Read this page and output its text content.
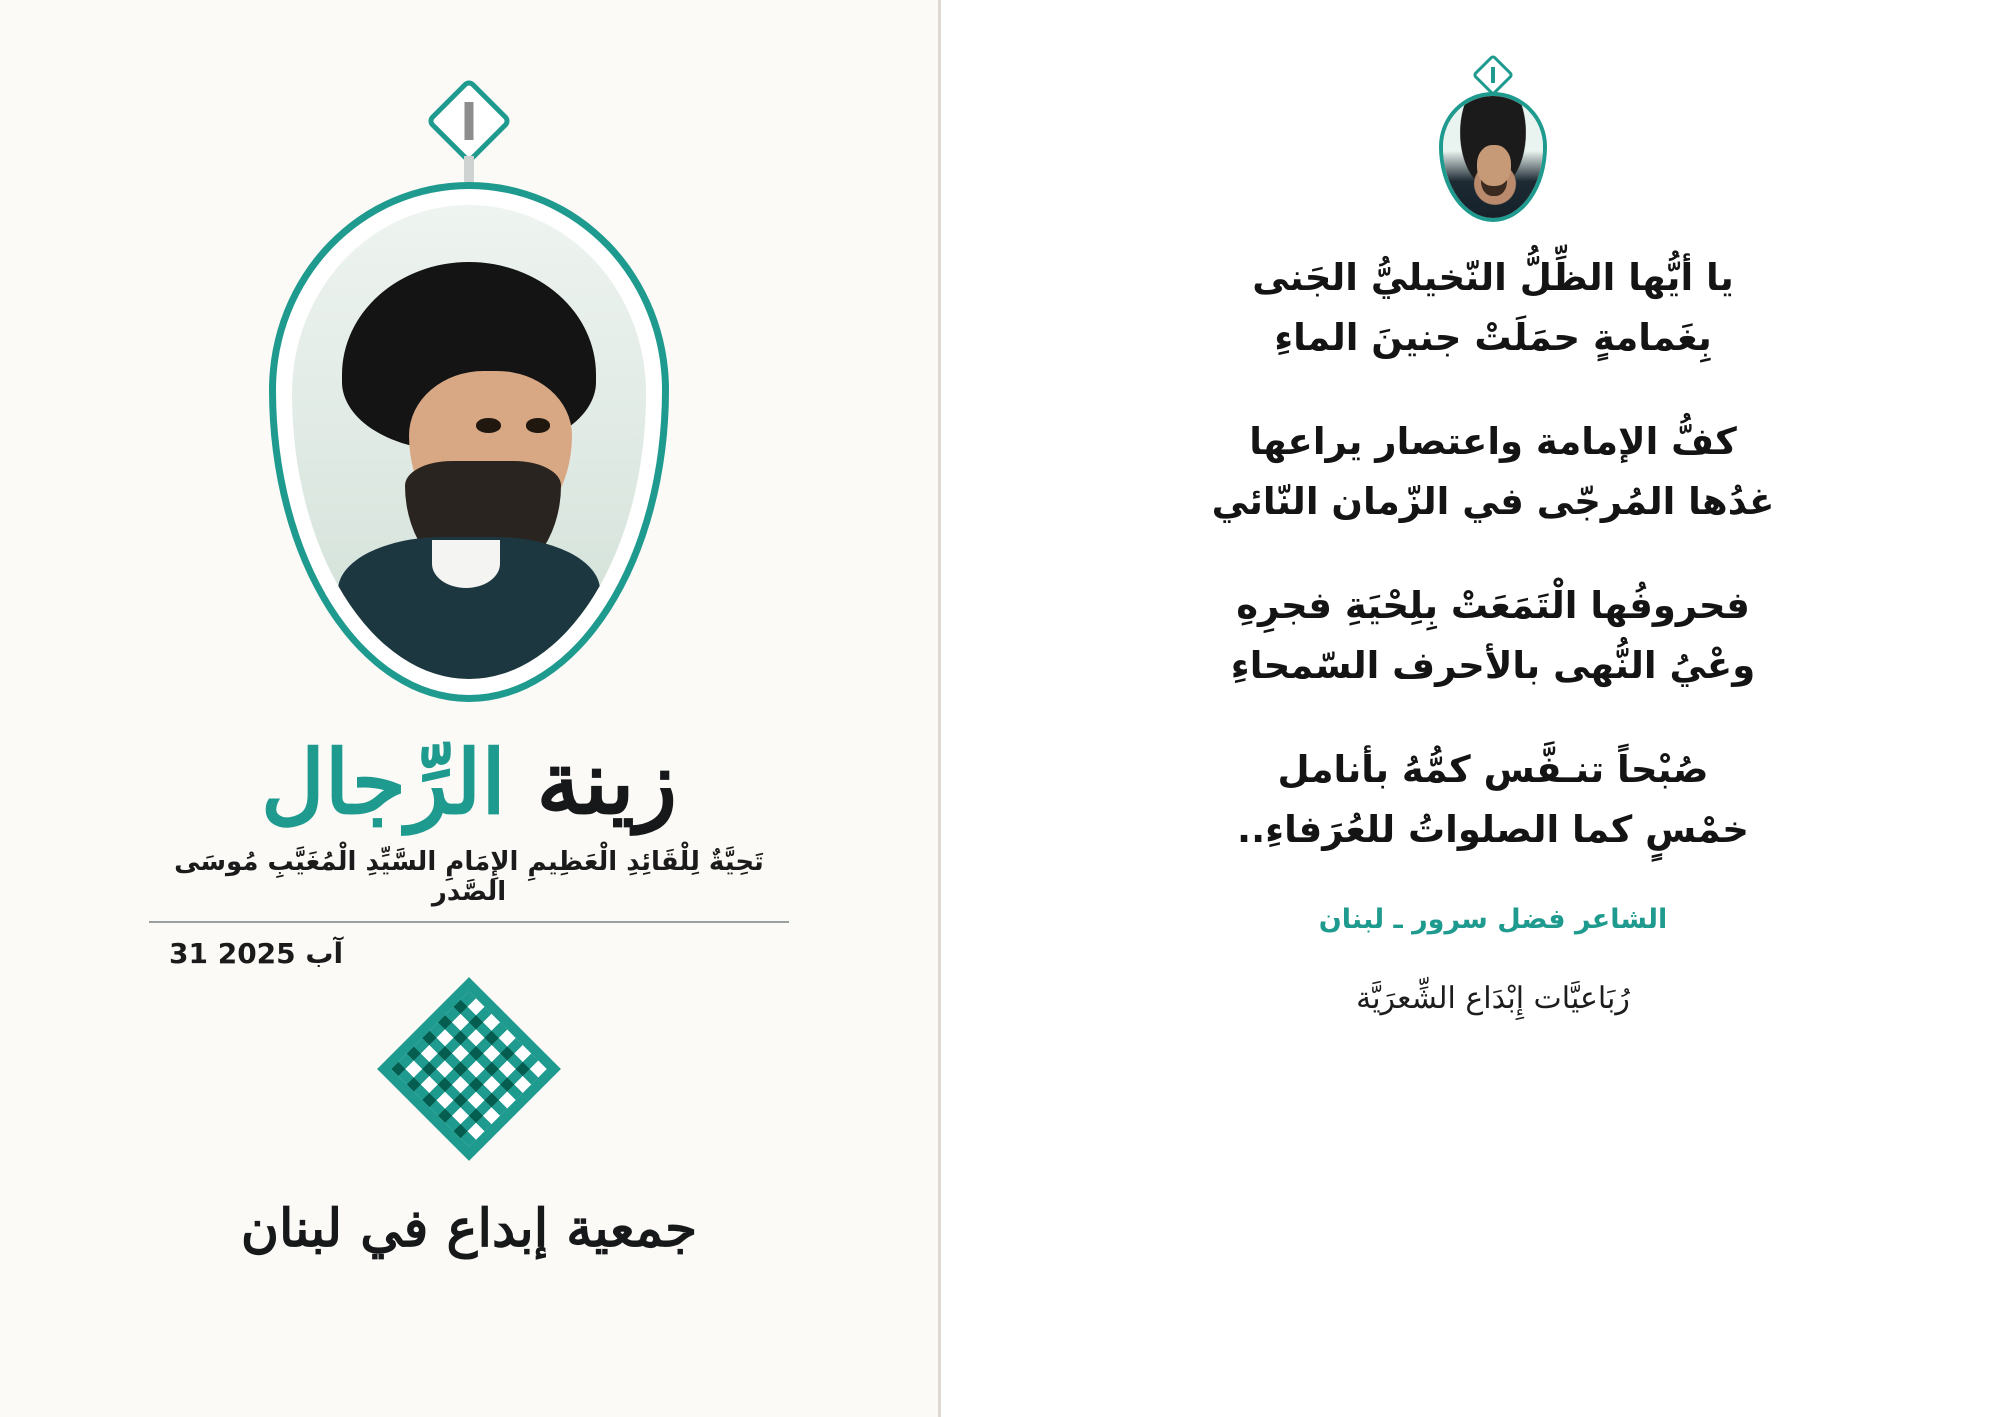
يا أيُّها الظِّلُّ النّخيليُّ الجَنى
بِغَمامةٍ حمَلَتْ جنينَ الماءِ
كفُّ الإمامة واعتصار يراعها
غدُها المُرجّى في الزّمان النّائي
فحروفُها الْتَمَعَتْ بِلِحْيَةِ فجرِهِ
وعْيُ النُّهى بالأحرف السّمحاءِ
صُبْحاً تنـفَّس كمُّهُ بأنامل
خمْسٍ كما الصلواتُ للعُرَفاءِ..
الشاعر فضل سرور ـ لبنان
رُبَاعيَّات إِبْدَاع الشِّعرَيَّة
زينة الرِّجال
تَحِيَّةٌ لِلْقَائِدِ الْعَظِيمِ الإِمَامِ السَّيِّدِ الْمُغَيَّبِ مُوسَى الصَّدر
31 آب 2025
جمعية إبداع في لبنان
